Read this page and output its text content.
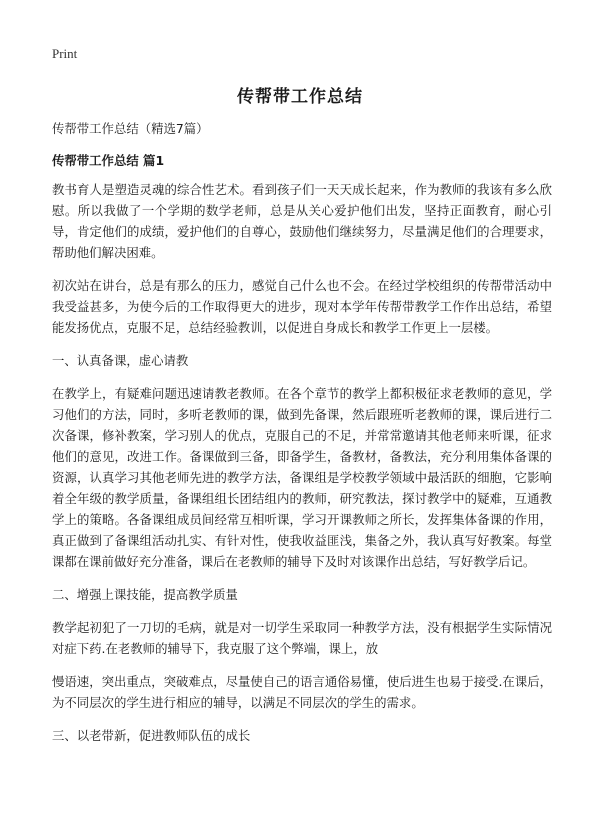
Print
传帮带工作总结
传帮带工作总结（精选7篇）
传帮带工作总结 篇1
教书育人是塑造灵魂的综合性艺术。看到孩子们一天天成长起来，作为教师的我该有多么欣慰。所以我做了一个学期的数学老师，总是从关心爱护他们出发，坚持正面教育，耐心引导，肯定他们的成绩，爱护他们的自尊心，鼓励他们继续努力，尽量满足他们的合理要求，帮助他们解决困难。
初次站在讲台，总是有那么的压力，感觉自己什么也不会。在经过学校组织的传帮带活动中我受益甚多，为使今后的工作取得更大的进步，现对本学年传帮带教学工作作出总结，希望能发扬优点，克服不足，总结经验教训，以促进自身成长和教学工作更上一层楼。
一、认真备课，虚心请教
在教学上，有疑难问题迅速请教老教师。在各个章节的教学上都积极征求老教师的意见，学习他们的方法，同时，多听老教师的课，做到先备课，然后跟班听老教师的课，课后进行二次备课，修补教案，学习别人的优点，克服自己的不足，并常常邀请其他老师来听课，征求他们的意见，改进工作。备课做到三备，即备学生，备教材，备教法，充分利用集体备课的资源，认真学习其他老师先进的教学方法，备课组是学校教学领域中最活跃的细胞，它影响着全年级的教学质量，备课组组长团结组内的教师，研究教法，探讨教学中的疑难，互通教学上的策略。各备课组成员间经常互相听课，学习开课教师之所长，发挥集体备课的作用，真正做到了备课组活动扎实、有针对性，使我收益匪浅，集备之外，我认真写好教案。每堂课都在课前做好充分准备，课后在老教师的辅导下及时对该课作出总结，写好教学后记。
二、增强上课技能，提高教学质量
教学起初犯了一刀切的毛病，就是对一切学生采取同一种教学方法，没有根据学生实际情况对症下药.在老教师的辅导下，我克服了这个弊端，课上，放
慢语速，突出重点，突破难点，尽量使自己的语言通俗易懂，使后进生也易于接受.在课后，为不同层次的学生进行相应的辅导，以满足不同层次的学生的需求。
三、以老带新，促进教师队伍的成长
